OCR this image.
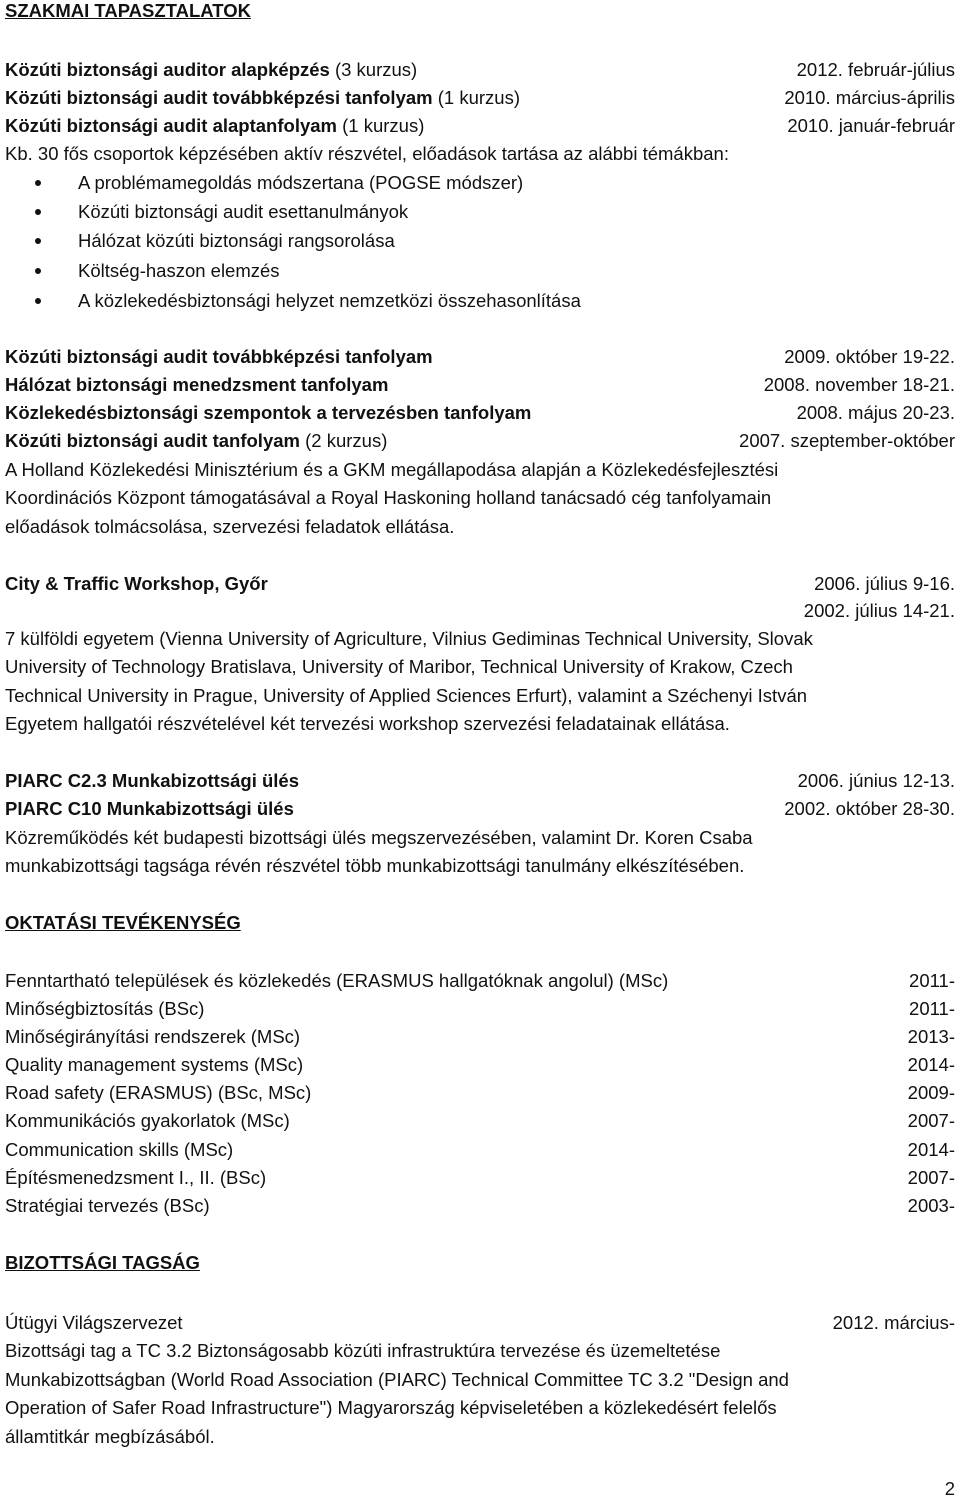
SZAKMAI TAPASZTALATOK
Közúti biztonsági auditor alapképzés (3 kurzus)	2012. február-július
Közúti biztonsági audit továbbképzési tanfolyam (1 kurzus)	2010. március-április
Közúti biztonsági audit alaptanfolyam (1 kurzus)	2010. január-február
Kb. 30 fős csoportok képzésében aktív részvétel, előadások tartása az alábbi témákban:
A problémamegoldás módszertana (POGSE módszer)
Közúti biztonsági audit esettanulmányok
Hálózat közúti biztonsági rangsorolása
Költség-haszon elemzés
A közlekedésbiztonsági helyzet nemzetközi összehasonlítása
Közúti biztonsági audit továbbképzési tanfolyam	2009. október 19-22.
Hálózat biztonsági menedzsment tanfolyam	2008. november 18-21.
Közlekedésbiztonsági szempontok a tervezésben tanfolyam	2008. május 20-23.
Közúti biztonsági audit tanfolyam (2 kurzus)	2007. szeptember-október
A Holland Közlekedési Minisztérium és a GKM megállapodása alapján a Közlekedésfejlesztési
Koordinációs Központ támogatásával a Royal Haskoning holland tanácsadó cég tanfolyamain
előadások tolmácsolása, szervezési feladatok ellátása.
City & Traffic Workshop, Győr	2006. július 9-16.
2002. július 14-21.
7 külföldi egyetem (Vienna University of Agriculture, Vilnius Gediminas Technical University, Slovak
University of Technology Bratislava, University of Maribor, Technical University of Krakow, Czech
Technical University in Prague, University of Applied Sciences Erfurt), valamint a Széchenyi István
Egyetem hallgatói részvételével két tervezési workshop szervezési feladatainak ellátása.
PIARC C2.3 Munkabizottsági ülés	2006. június 12-13.
PIARC C10 Munkabizottsági ülés	2002. október 28-30.
Közreműködés két budapesti bizottsági ülés megszervezésében, valamint Dr. Koren Csaba
munkabizottsági tagsága révén részvétel több munkabizottsági tanulmány elkészítésében.
OKTATÁSI TEVÉKENYSÉG
Fenntartható települések és közlekedés (ERASMUS hallgatóknak angolul) (MSc)	2011-
Minőségbiztosítás (BSc)	2011-
Minőségirányítási rendszerek (MSc)	2013-
Quality management systems (MSc)	2014-
Road safety (ERASMUS) (BSc, MSc)	2009-
Kommunikációs gyakorlatok (MSc)	2007-
Communication skills (MSc)	2014-
Építésmenedzsment I., II. (BSc)	2007-
Stratégiai tervezés (BSc)	2003-
BIZOTTSÁGI TAGSÁG
Útügyi Világszervezet	2012. március-
Bizottsági tag a TC 3.2 Biztonságosabb közúti infrastruktúra tervezése és üzemeltetése
Munkabizottságban (World Road Association (PIARC) Technical Committee TC 3.2 "Design and
Operation of Safer Road Infrastructure") Magyarország képviseletében a közlekedésért felelős
államtitkár megbízásából.
2
